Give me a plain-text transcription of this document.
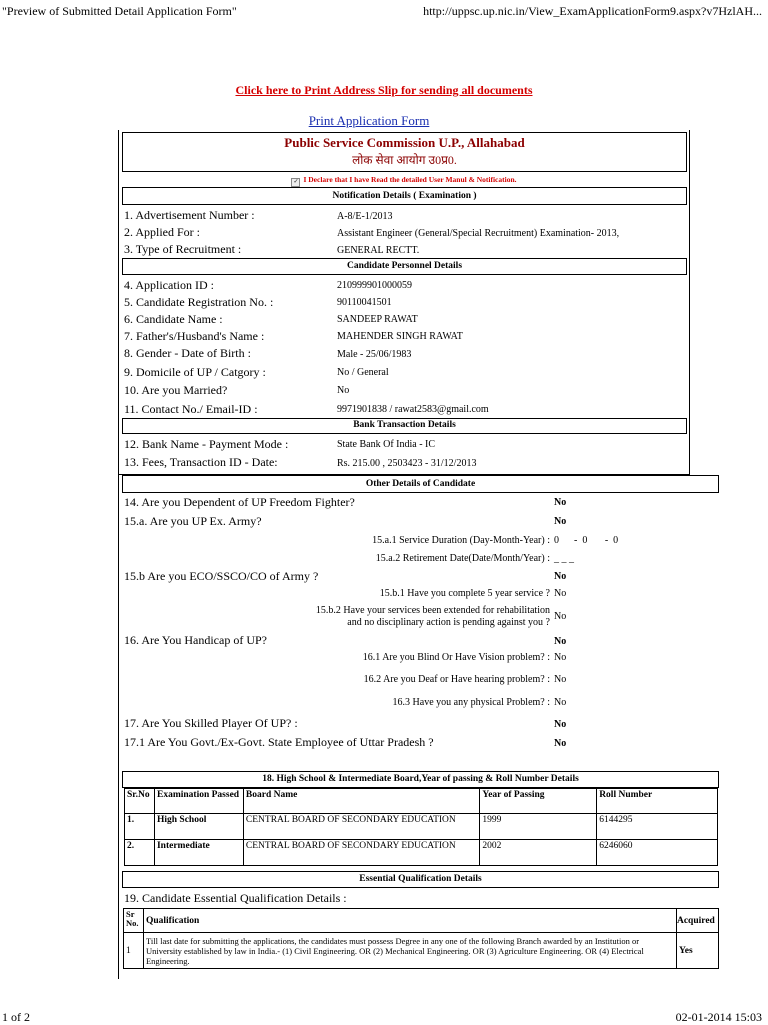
"Preview of Submitted Detail Application Form"	http://uppsc.up.nic.in/View_ExamApplicationForm9.aspx?v7HzlAH...
1 of 2	02-01-2014 15:03
Click here to Print Address Slip for sending all documents
Print Application Form
Public Service Commission U.P., Allahabad
लोक सेवा आयोग उ0प्र0.
✓ I Declare that I have Read the detailed User Manul & Notification.
Notification Details ( Examination )
1. Advertisement Number :	A-8/E-1/2013
2. Applied For :	Assistant Engineer (General/Special Recruitment) Examination- 2013,
3. Type of Recruitment :	GENERAL RECTT.
Candidate Personnel Details
4. Application ID :	210999901000059
5. Candidate Registration No. :	90110041501
6. Candidate Name :	SANDEEP RAWAT
7. Father's/Husband's Name :	MAHENDER SINGH RAWAT
8. Gender - Date of Birth :	Male - 25/06/1983
9. Domicile of UP / Catgory :	No / General
10. Are you Married?	No
11. Contact No./ Email-ID :	9971901838 / rawat2583@gmail.com
Bank Transaction Details
12. Bank Name - Payment Mode :	State Bank Of India - IC
13. Fees, Transaction ID - Date:	Rs. 215.00 , 2503423 - 31/12/2013
Other Details of Candidate
14. Are you Dependent of UP Freedom Fighter?	No
15.a. Are you UP Ex. Army?	No
15.a.1 Service Duration (Day-Month-Year) : 0      -  0       -  0
15.a.2 Retirement Date(Date/Month/Year) : _ _ _
15.b Are you ECO/SSCO/CO of Army ?	No
15.b.1 Have you complete 5 year service ? No
15.b.2 Have your services been extended for rehabilitation
and no disciplinary action is pending against you ?
No
16. Are You Handicap of UP?	No
16.1 Are you Blind Or Have Vision problem? : No
16.2 Are you Deaf or Have hearing problem? : No
16.3 Have you any physical Problem? : No
17. Are You Skilled Player Of UP? :	No
17.1 Are You Govt./Ex-Govt. State Employee of Uttar Pradesh ?	No
18. High School & Intermediate Board,Year of passing & Roll Number Details
Sr.No	Examination Passed	Board Name	Year of Passing	Roll Number
1.	High School	CENTRAL BOARD OF SECONDARY EDUCATION	1999	6144295
2.	Intermediate	CENTRAL BOARD OF SECONDARY EDUCATION	2002	6246060
Essential Qualification Details
19. Candidate Essential Qualification Details :
Sr No.	Qualification	Acquired
1	Till last date for submitting the applications, the candidates must possess Degree in any one of the following Branch awarded by an Institution or University established by law in India.- (1) Civil Engineering. OR (2) Mechanical Engineering. OR (3) Agriculture Engineering. OR (4) Electrical Engineering.	Yes
